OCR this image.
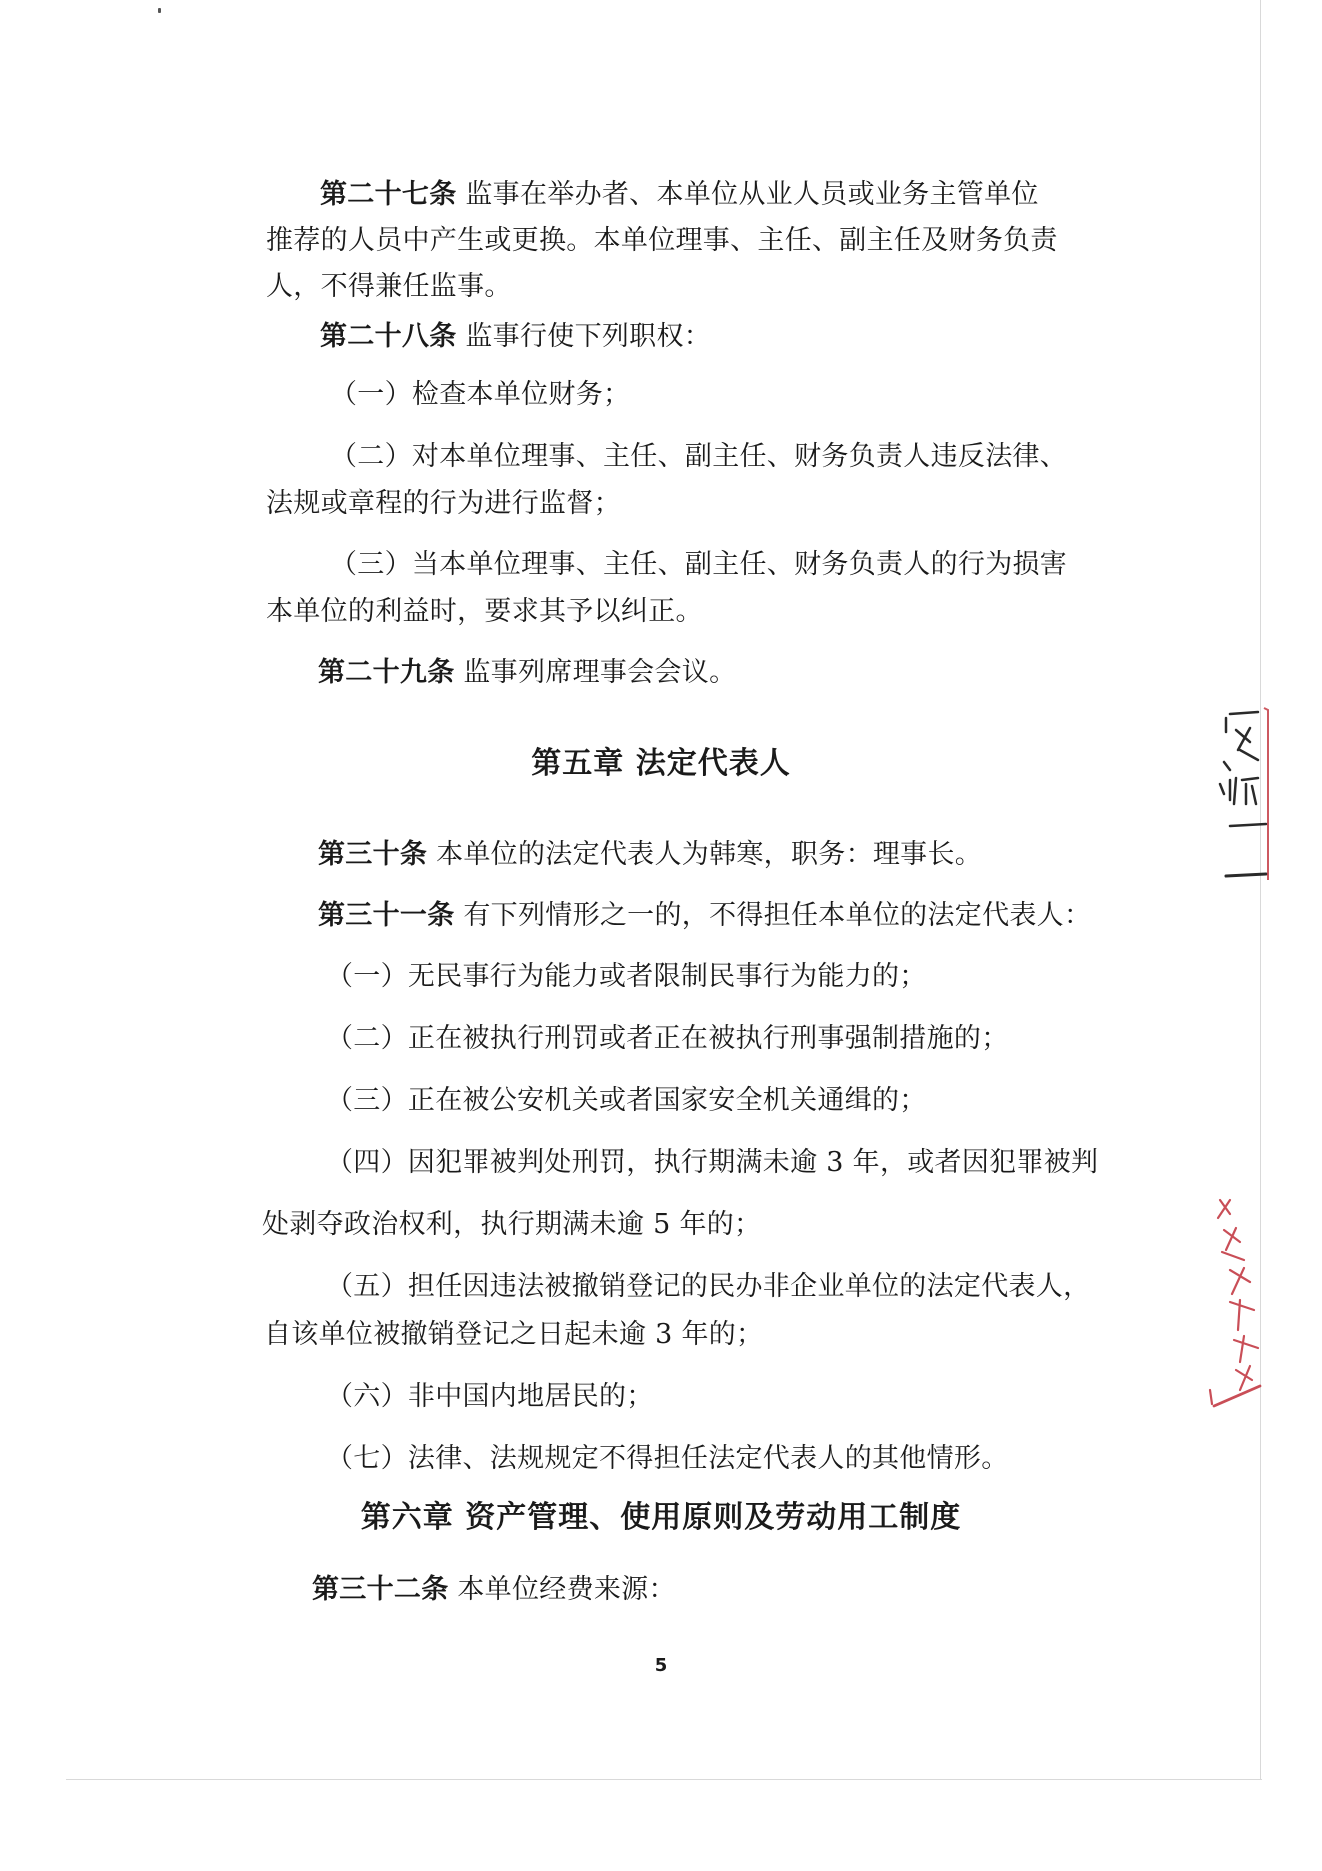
第二十七条 监事在举办者、本单位从业人员或业务主管单位
推荐的人员中产生或更换。本单位理事、主任、副主任及财务负责
人，不得兼任监事。
第二十八条 监事行使下列职权：
（一）检查本单位财务；
（二）对本单位理事、主任、副主任、财务负责人违反法律、
法规或章程的行为进行监督；
（三）当本单位理事、主任、副主任、财务负责人的行为损害
本单位的利益时，要求其予以纠正。
第二十九条 监事列席理事会会议。
第五章 法定代表人
第三十条 本单位的法定代表人为韩寒，职务：理事长。
第三十一条 有下列情形之一的，不得担任本单位的法定代表人：
（一）无民事行为能力或者限制民事行为能力的；
（二）正在被执行刑罚或者正在被执行刑事强制措施的；
（三）正在被公安机关或者国家安全机关通缉的；
（四）因犯罪被判处刑罚，执行期满未逾 3 年，或者因犯罪被判
处剥夺政治权利，执行期满未逾 5 年的；
（五）担任因违法被撤销登记的民办非企业单位的法定代表人，
自该单位被撤销登记之日起未逾 3 年的；
（六）非中国内地居民的；
（七）法律、法规规定不得担任法定代表人的其他情形。
第六章 资产管理、使用原则及劳动用工制度
第三十二条 本单位经费来源：
5
